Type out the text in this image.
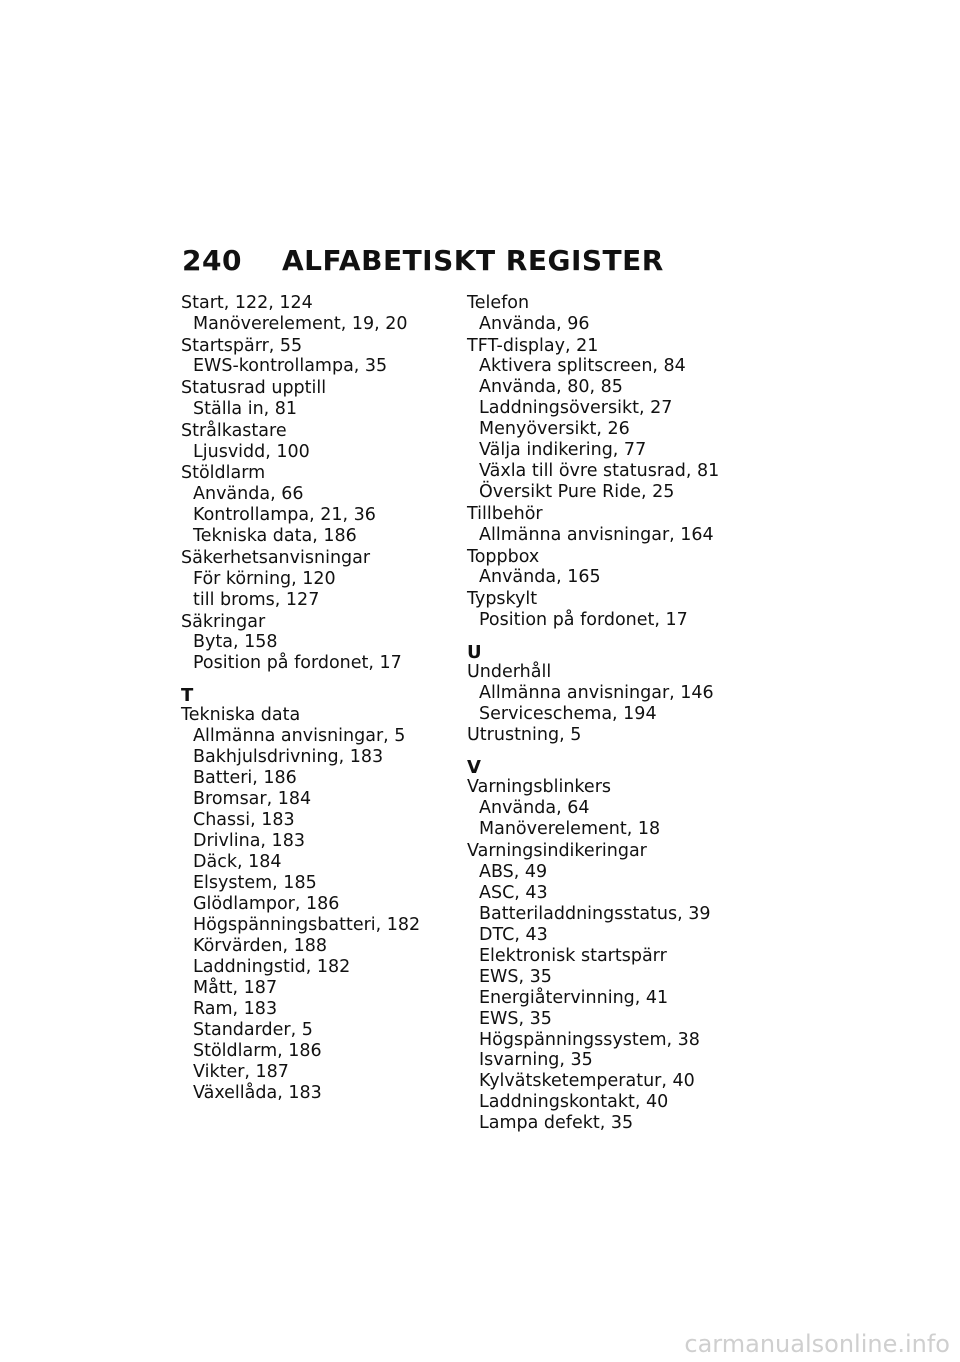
240 ALFABETISKT REGISTER
Start, 122, 124
Manöverelement, 19, 20
Startspärr, 55
EWS-kontrollampa, 35
Statusrad upptill
Ställa in, 81
Strålkastare
Ljusvidd, 100
Stöldlarm
Använda, 66
Kontrollampa, 21, 36
Tekniska data, 186
Säkerhetsanvisningar
För körning, 120
till broms, 127
Säkringar
Byta, 158
Position på fordonet, 17
T
Tekniska data
Allmänna anvisningar, 5
Bakhjulsdrivning, 183
Batteri, 186
Bromsar, 184
Chassi, 183
Drivlina, 183
Däck, 184
Elsystem, 185
Glödlampor, 186
Högspänningsbatteri, 182
Körvärden, 188
Laddningstid, 182
Mått, 187
Ram, 183
Standarder, 5
Stöldlarm, 186
Vikter, 187
Växellåda, 183
Telefon
Använda, 96
TFT-display, 21
Aktivera splitscreen, 84
Använda, 80, 85
Laddningsöversikt, 27
Menyöversikt, 26
Välja indikering, 77
Växla till övre statusrad, 81
Översikt Pure Ride, 25
Tillbehör
Allmänna anvisningar, 164
Toppbox
Använda, 165
Typskylt
Position på fordonet, 17
U
Underhåll
Allmänna anvisningar, 146
Serviceschema, 194
Utrustning, 5
V
Varningsblinkers
Använda, 64
Manöverelement, 18
Varningsindikeringar
ABS, 49
ASC, 43
Batteriladdningsstatus, 39
DTC, 43
Elektronisk startspärr
EWS, 35
Energiåtervinning, 41
EWS, 35
Högspänningssystem, 38
Isvarning, 35
Kylvätsketemperatur, 40
Laddningskontakt, 40
Lampa defekt, 35
carmanualsonline.info
